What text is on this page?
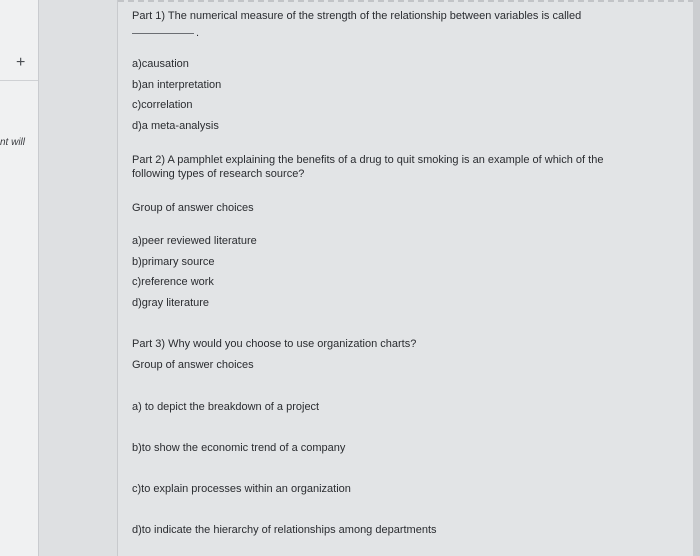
+
nt will
Part 1) The numerical measure of the strength of the relationship between variables is called
.
a)causation
b)an interpretation
c)correlation
d)a meta-analysis
Part 2) A pamphlet explaining the benefits of a drug to quit smoking is an example of which of the following types of research source?
Group of answer choices
a)peer reviewed literature
b)primary source
c)reference work
d)gray literature
Part 3) Why would you choose to use organization charts?
Group of answer choices
a) to depict the breakdown of a project
b)to show the economic trend of a company
c)to explain processes within an organization
d)to indicate the hierarchy of relationships among departments
